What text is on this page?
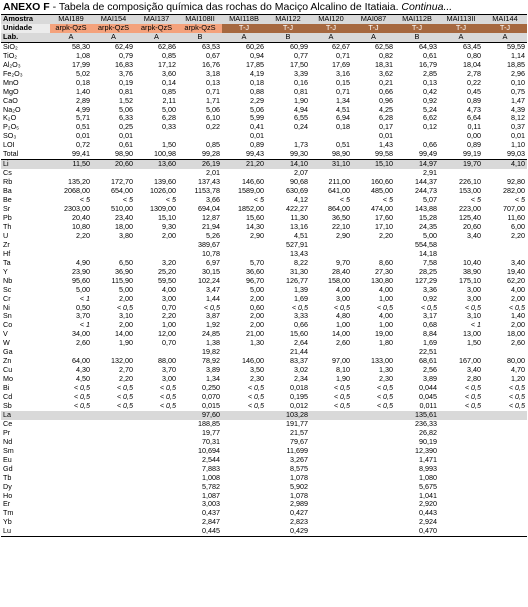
ANEXO F - Tabela de composição química das rochas do Maciço Alcalino de Itatiaia. Continua...
Amostra	MAI189	MAI154	MAI137	MAI108II	MAI118B	MAI122	MAI120	MAI087	MAI112B	MAI113II	MAI144
Unidade	arpk-QzS	arpk-QzS	arpk-QzS	arpk-QzS	T-J	T-J	T-J	T-J	T-J	T-J	T-J
Lab.	A	A	A	B	A	B	A	A	B	A	A
SiO₂	58,30	62,49	62,86	63,53	60,26	60,99	62,67	62,58	64,93	63,45	59,59
TiO₂	1,08	0,79	0,85	0,67	0,94	0,77	0,71	0,82	0,61	0,80	1,14
Al₂O₃	17,99	16,83	17,12	16,76	17,85	17,50	17,69	18,31	16,79	18,04	18,85
Fe₂O₃	5,02	3,76	3,60	3,18	4,19	3,39	3,16	3,62	2,85	2,78	2,96
MnO	0,18	0,19	0,14	0,13	0,18	0,16	0,15	0,21	0,13	0,22	0,10
MgO	1,40	0,81	0,85	0,71	0,88	0,81	0,71	0,66	0,42	0,45	0,75
CaO	2,89	1,52	2,11	1,71	2,29	1,90	1,34	0,96	0,92	0,89	1,47
Na₂O	4,99	5,06	5,00	5,06	5,06	4,94	4,51	4,25	5,24	4,73	4,39
K₂O	5,71	6,33	6,28	6,10	5,99	6,55	6,94	6,28	6,62	6,64	8,12
P₂O₅	0,51	0,25	0,33	0,22	0,41	0,24	0,18	0,17	0,12	0,11	0,37
SO₃	0,01	0,01			0,01			0,01		0,00	0,01
LOI	0,72	0,61	1,50	0,85	0,89	1,73	0,51	1,43	0,66	0,89	1,10
Total	99,41	98,90	100,98	99,28	99,43	99,30	98,90	99,58	99,49	99,19	99,03
Li	11,50	20,60	13,60	26,19	21,20	14,10	31,10	15,10	14,97	19,70	4,10
Cs				2,01		2,07			2,91		
Rb	135,20	172,70	139,60	137,43	146,60	90,68	211,00	160,60	144,37	226,10	92,80
Ba	2068,00	654,00	1026,00	1153,78	1589,00	630,69	641,00	485,00	244,73	153,00	282,00
Be	< 5	< 5	< 5	3,66	< 5	4,12	< 5	< 5	5,07	< 5	< 5
Sr	2303,00	510,00	1309,00	694,04	1852,00	422,27	864,00	474,00	143,88	223,00	707,00
Pb	20,40	23,40	15,10	12,87	15,60	11,30	36,50	17,60	15,28	125,40	11,60
Th	10,80	18,00	9,30	21,94	14,30	13,16	22,10	17,10	24,35	20,60	6,00
U	2,20	3,80	2,00	5,26	2,90	4,51	2,90	2,20	5,00	3,40	2,20
Zr				389,67		527,91			554,58		
Hf				10,78		13,43			14,18		
Ta	4,90	6,50	3,20	6,97	5,70	8,22	9,70	8,60	7,58	10,40	3,40
Y	23,90	36,90	25,20	30,15	36,60	31,30	28,40	27,30	28,25	38,90	19,40
Nb	95,60	115,90	59,50	102,24	96,70	126,77	158,00	130,80	127,29	175,10	62,20
Sc	5,00	5,00	4,00	3,47	5,00	1,39	4,00	4,00	3,36	3,00	4,00
Cr	< 1	2,00	3,00	1,44	2,00	1,69	3,00	1,00	0,92	3,00	2,00
Ni	0,50	< 0,5	0,70	< 0,5	0,60	< 0,5	< 0,5	< 0,5	< 0,5	< 0,5	< 0,5
Sn	3,70	3,10	2,20	3,87	2,00	3,33	4,80	4,00	3,17	3,10	1,40
Co	< 1	2,00	1,00	1,92	2,00	0,66	1,00	1,00	0,68	< 1	2,00
V	34,00	14,00	12,00	24,85	21,00	15,60	14,00	19,00	8,84	13,00	18,00
W	2,60	1,90	0,70	1,38	1,30	2,64	2,60	1,80	1,69	1,50	2,60
Ga				19,82		21,44			22,51		
Zn	64,00	132,00	88,00	78,92	146,00	83,37	97,00	133,00	68,61	167,00	80,00
Cu	4,30	2,70	3,70	3,89	3,50	3,02	8,10	1,30	2,56	3,40	4,70
Mo	4,50	2,20	3,00	1,34	2,30	2,34	1,90	2,30	3,89	2,80	1,20
Bi	< 0,5	< 0,5	< 0,5	0,250	< 0,5	0,018	< 0,5	< 0,5	0,044	< 0,5	< 0,5
Cd	< 0,5	< 0,5	< 0,5	0,070	< 0,5	0,195	< 0,5	< 0,5	0,045	< 0,5	< 0,5
Sb	< 0,5	< 0,5	< 0,5	0,015	< 0,5	0,012	< 0,5	< 0,5	0,011	< 0,5	< 0,5
La				97,60		103,28			135,61		
Ce				188,85		191,77			236,33		
Pr				19,77		21,57			26,82		
Nd				70,31		79,67			90,19		
Sm				10,694		11,699			12,390		
Eu				2,544		3,267			1,471		
Gd				7,883		8,575			8,993		
Tb				1,008		1,078			1,080		
Dy				5,782		5,902			5,675		
Ho				1,087		1,078			1,041		
Er				3,003		2,989			2,920		
Tm				0,437		0,427			0,443		
Yb				2,847		2,823			2,924		
Lu				0,445		0,429			0,470		
